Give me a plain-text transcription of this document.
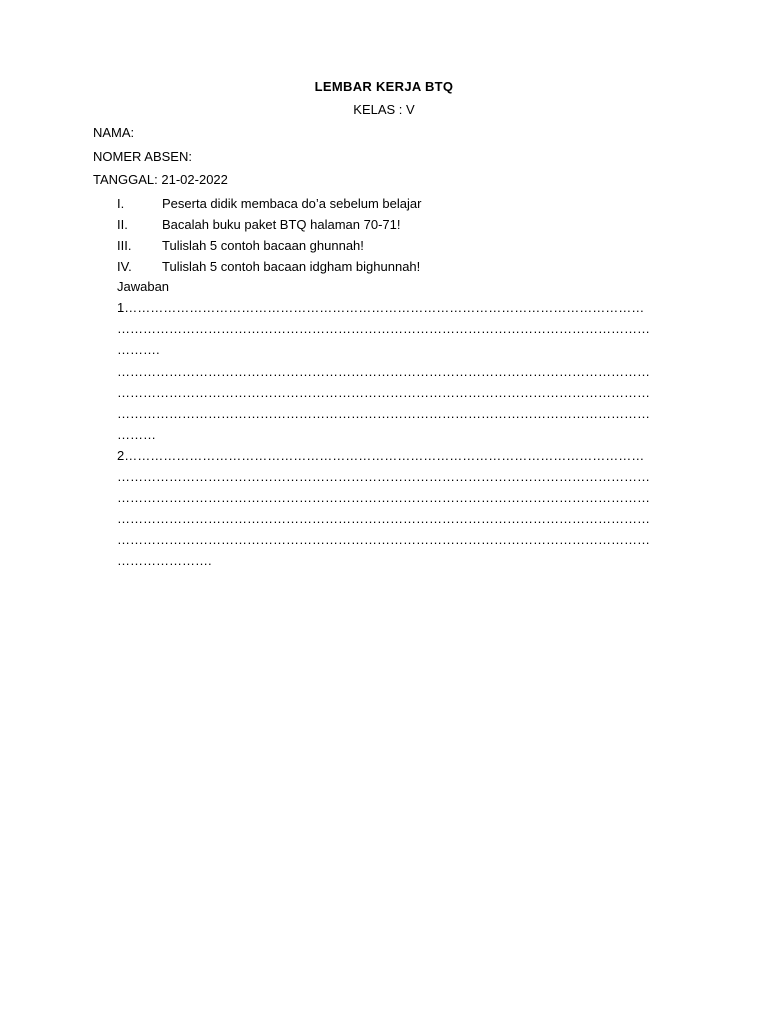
LEMBAR KERJA BTQ
KELAS : V
NAMA:
NOMER ABSEN:
TANGGAL: 21-02-2022
I.	Peserta didik membaca do’a sebelum belajar
II.	Bacalah buku paket BTQ halaman 70-71!
III.	Tulislah 5 contoh bacaan ghunnah!
IV.	Tulislah 5 contoh bacaan idgham bighunnah!
Jawaban
1…………………………………………………………………………………………………………
……………………………………………………………………………………………………………
……….
……………………………………………………………………………………………………………
……………………………………………………………………………………………………………
……………………………………………………………………………………………………………
………
2…………………………………………………………………………………………………………
……………………………………………………………………………………………………………
……………………………………………………………………………………………………………
……………………………………………………………………………………………………………
……………………………………………………………………………………………………………
………………….
